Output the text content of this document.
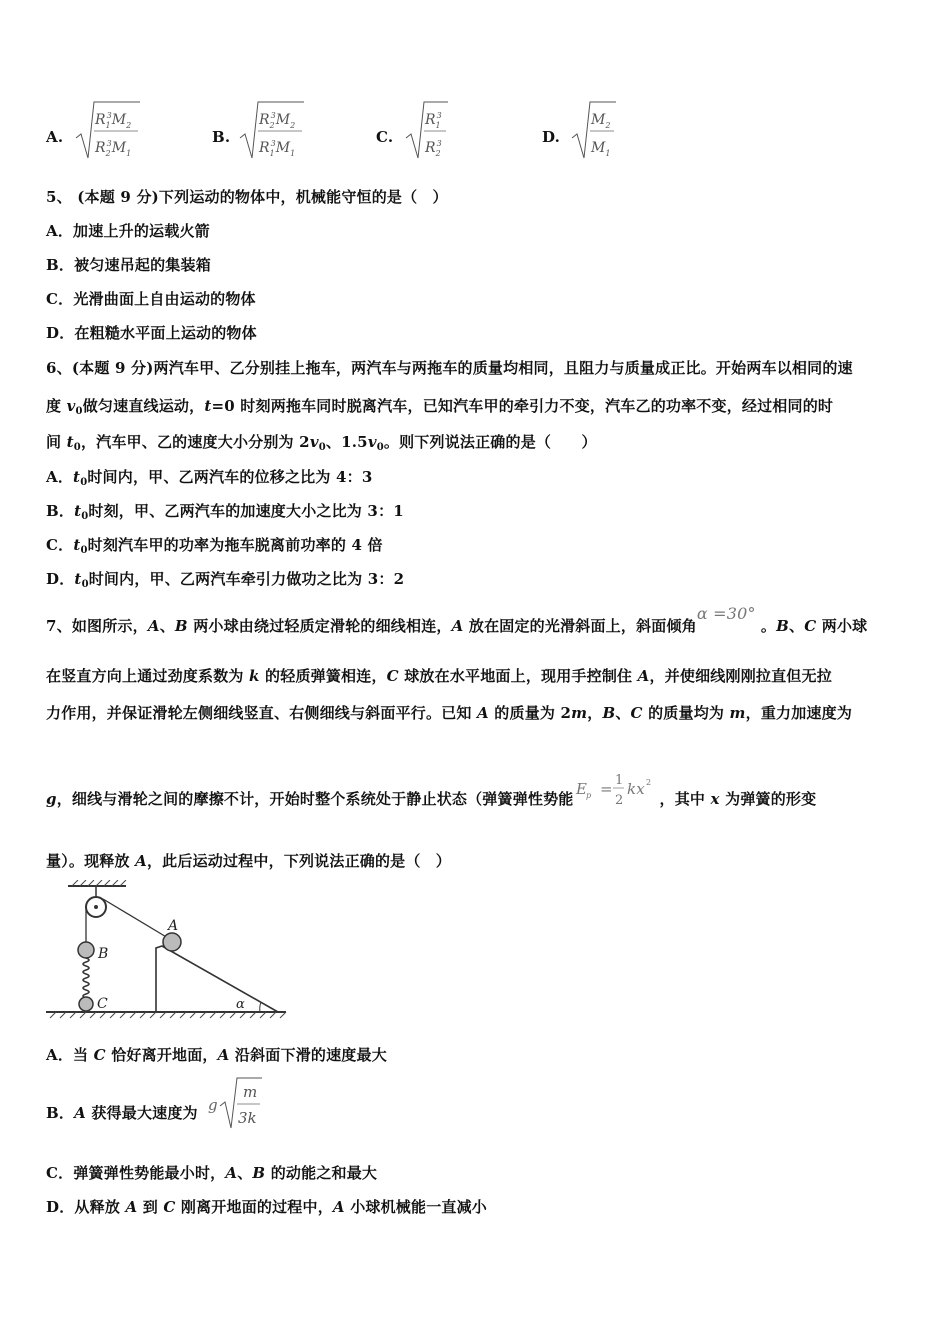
A.
$R_13M_2$
$R_23M_1$
B.
$R_23M_2$
$R_13M_1$
C.
$R_13$
$R_23$	D.
$M_2$
$M_1$
5、 (本题 9 分)下列运动的物体中，机械能守恒的是（　）
A．加速上升的运载火箭
B．被匀速吊起的集装箱
C．光滑曲面上自由运动的物体
D．在粗糙水平面上运动的物体
6、(本题 9 分)两汽车甲、乙分别挂上拖车，两汽车与两拖车的质量均相同，且阻力与质量成正比。开始两车以相同的速
度 $v_0$做匀速直线运动，t=0 时刻两拖车同时脱离汽车，已知汽车甲的牵引力不变，汽车乙的功率不变，经过相同的时
间 $t_0$，汽车甲、乙的速度大小分别为 $2v_0$、$1.5v_0$。则下列说法正确的是（　　）
A．$t_0$时间内，甲、乙两汽车的位移之比为 4：3
B．$t_0$时刻，甲、乙两汽车的加速度大小之比为 3：1
C．$t_0$时刻汽车甲的功率为拖车脱离前功率的 4 倍
D．$t_0$时间内，甲、乙两汽车牵引力做功之比为 3：2
7、如图所示，A、B 两小球由绕过轻质定滑轮的细线相连，A 放在固定的光滑斜面上，斜面倾角α =30°。B、C 两小球
在竖直方向上通过劲度系数为 k 的轻质弹簧相连，C 球放在水平地面上，现用手控制住 A，并使细线刚刚拉直但无拉
力作用，并保证滑轮左侧细线竖直、右侧细线与斜面平行。已知 A 的质量为 2m，B、C 的质量均为 m，重力加速度为
g，细线与滑轮之间的摩擦不计，开始时整个系统处于静止状态（弹簧弹性势能
E
p = 1
2
kx 2
，其中 x 为弹簧的形变
量）。现释放 A，此后运动过程中，下列说法正确的是（　）
B
C
A
α
A．当 C 恰好离开地面，A 沿斜面下滑的速度最大
B．A 获得最大速度为 g
m
3k
C．弹簧弹性势能最小时，A、B 的动能之和最大
D．从释放 A 到 C 刚离开地面的过程中，A 小球机械能一直减小
